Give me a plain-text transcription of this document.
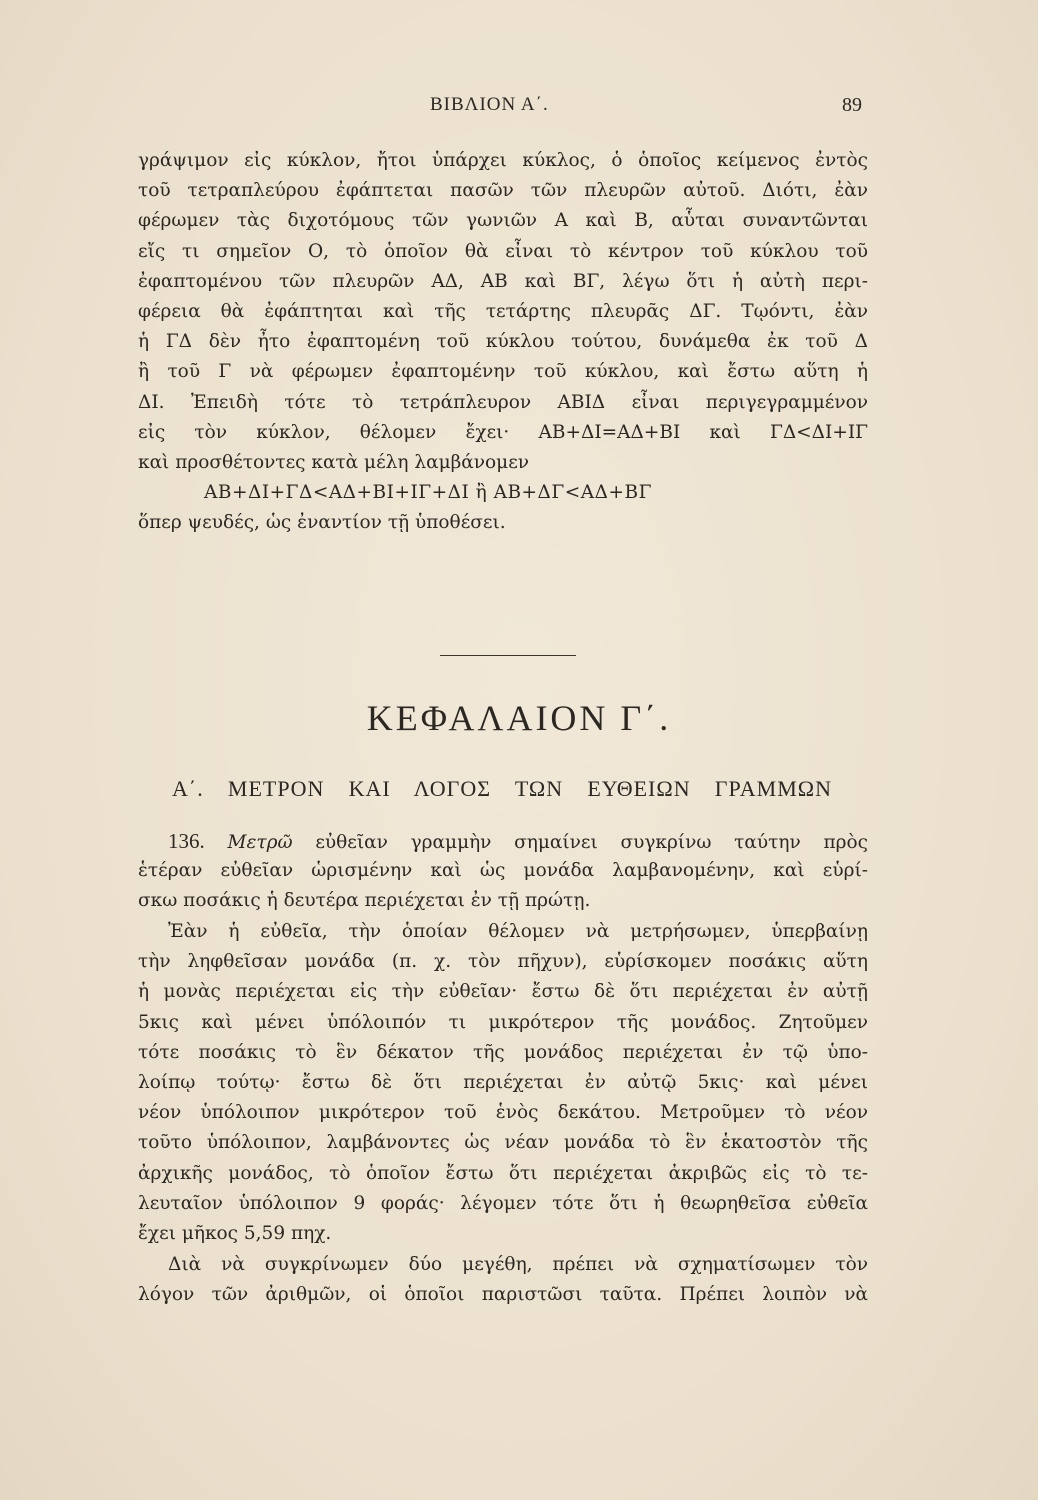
ΒΙΒΛΙΟΝ Α΄.	89
γράψιμον εἰς κύκλον, ἤτοι ὑπάρχει κύκλος, ὁ ὁποῖος κείμενος ἐντὸς
τοῦ τετραπλεύρου ἐφάπτεται πασῶν τῶν πλευρῶν αὐτοῦ. Διότι, ἐὰν
φέρωμεν τὰς διχοτόμους τῶν γωνιῶν Α καὶ Β, αὗται συναντῶνται
εἴς τι σημεῖον Ο, τὸ ὁποῖον θὰ εἶναι τὸ κέντρον τοῦ κύκλου τοῦ
ἐφαπτομένου τῶν πλευρῶν ΑΔ, ΑΒ καὶ ΒΓ, λέγω ὅτι ἡ αὐτὴ περι-
φέρεια θὰ ἐφάπτηται καὶ τῆς τετάρτης πλευρᾶς ΔΓ. Τῳόντι, ἐὰν
ἡ ΓΔ δὲν ἦτο ἐφαπτομένη τοῦ κύκλου τούτου, δυνάμεθα ἐκ τοῦ Δ
ἢ τοῦ Γ νὰ φέρωμεν ἐφαπτομένην τοῦ κύκλου, καὶ ἔστω αὕτη ἡ
ΔΙ. Ἐπειδὴ τότε τὸ τετράπλευρον ΑΒΙΔ εἶναι περιγεγραμμένον
εἰς τὸν κύκλον, θέλομεν ἔχει· ΑΒ+ΔΙ=ΑΔ+ΒΙ καὶ ΓΔ<ΔΙ+ΙΓ
καὶ προσθέτοντες κατὰ μέλη λαμβάνομεν
ΑΒ+ΔΙ+ΓΔ<ΑΔ+ΒΙ+ΙΓ+ΔΙ ἢ ΑΒ+ΔΓ<ΑΔ+ΒΓ
ὅπερ ψευδές, ὡς ἐναντίον τῇ ὑποθέσει.
ΚΕΦΑΛΑΙΟΝ Γ΄.
Α΄. ΜΕΤΡΟΝ ΚΑΙ ΛΟΓΟΣ ΤΩΝ ΕΥΘΕΙΩΝ ΓΡΑΜΜΩΝ
136. Μετρῶ εὐθεῖαν γραμμὴν σημαίνει συγκρίνω ταύτην πρὸς
ἑτέραν εὐθεῖαν ὡρισμένην καὶ ὡς μονάδα λαμβανομένην, καὶ εὑρί-
σκω ποσάκις ἡ δευτέρα περιέχεται ἐν τῇ πρώτῃ.
Ἐὰν ἡ εὐθεῖα, τὴν ὁποίαν θέλομεν νὰ μετρήσωμεν, ὑπερβαίνῃ
τὴν ληφθεῖσαν μονάδα (π. χ. τὸν πῆχυν), εὑρίσκομεν ποσάκις αὕτη
ἡ μονὰς περιέχεται εἰς τὴν εὐθεῖαν· ἔστω δὲ ὅτι περιέχεται ἐν αὐτῇ
5κις καὶ μένει ὑπόλοιπόν τι μικρότερον τῆς μονάδος. Ζητοῦμεν
τότε ποσάκις τὸ ἓν δέκατον τῆς μονάδος περιέχεται ἐν τῷ ὑπο-
λοίπῳ τούτῳ· ἔστω δὲ ὅτι περιέχεται ἐν αὐτῷ 5κις· καὶ μένει
νέον ὑπόλοιπον μικρότερον τοῦ ἑνὸς δεκάτου. Μετροῦμεν τὸ νέον
τοῦτο ὑπόλοιπον, λαμβάνοντες ὡς νέαν μονάδα τὸ ἓν ἑκατοστὸν τῆς
ἀρχικῆς μονάδος, τὸ ὁποῖον ἔστω ὅτι περιέχεται ἀκριβῶς εἰς τὸ τε-
λευταῖον ὑπόλοιπον 9 φοράς· λέγομεν τότε ὅτι ἡ θεωρηθεῖσα εὐθεῖα
ἔχει μῆκος 5,59 πηχ.
Διὰ νὰ συγκρίνωμεν δύο μεγέθη, πρέπει νὰ σχηματίσωμεν τὸν
λόγον τῶν ἀριθμῶν, οἱ ὁποῖοι παριστῶσι ταῦτα. Πρέπει λοιπὸν νὰ
